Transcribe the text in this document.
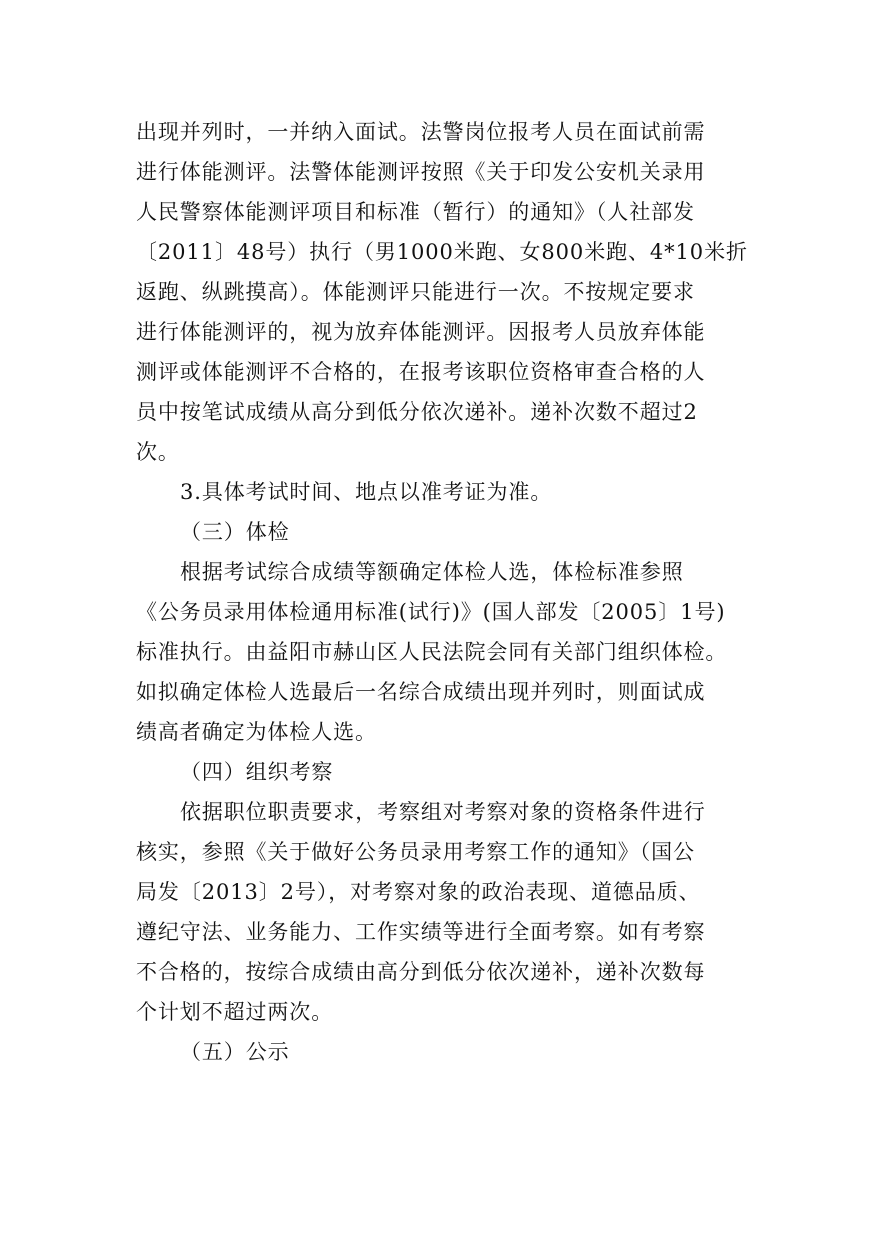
出现并列时，一并纳入面试。法警岗位报考人员在面试前需
进行体能测评。法警体能测评按照《关于印发公安机关录用
人民警察体能测评项目和标准（暂行）的通知》（人社部发
〔2011〕48号）执行（男1000米跑、女800米跑、4*10米折
返跑、纵跳摸高）。体能测评只能进行一次。不按规定要求
进行体能测评的，视为放弃体能测评。因报考人员放弃体能
测评或体能测评不合格的，在报考该职位资格审查合格的人
员中按笔试成绩从高分到低分依次递补。递补次数不超过2
次。
3.具体考试时间、地点以准考证为准。
（三）体检
根据考试综合成绩等额确定体检人选，体检标准参照
《公务员录用体检通用标准(试行)》(国人部发〔2005〕1号)
标准执行。由益阳市赫山区人民法院会同有关部门组织体检。
如拟确定体检人选最后一名综合成绩出现并列时，则面试成
绩高者确定为体检人选。
（四）组织考察
依据职位职责要求，考察组对考察对象的资格条件进行
核实，参照《关于做好公务员录用考察工作的通知》（国公
局发〔2013〕2号），对考察对象的政治表现、道德品质、
遵纪守法、业务能力、工作实绩等进行全面考察。如有考察
不合格的，按综合成绩由高分到低分依次递补，递补次数每
个计划不超过两次。
（五）公示
